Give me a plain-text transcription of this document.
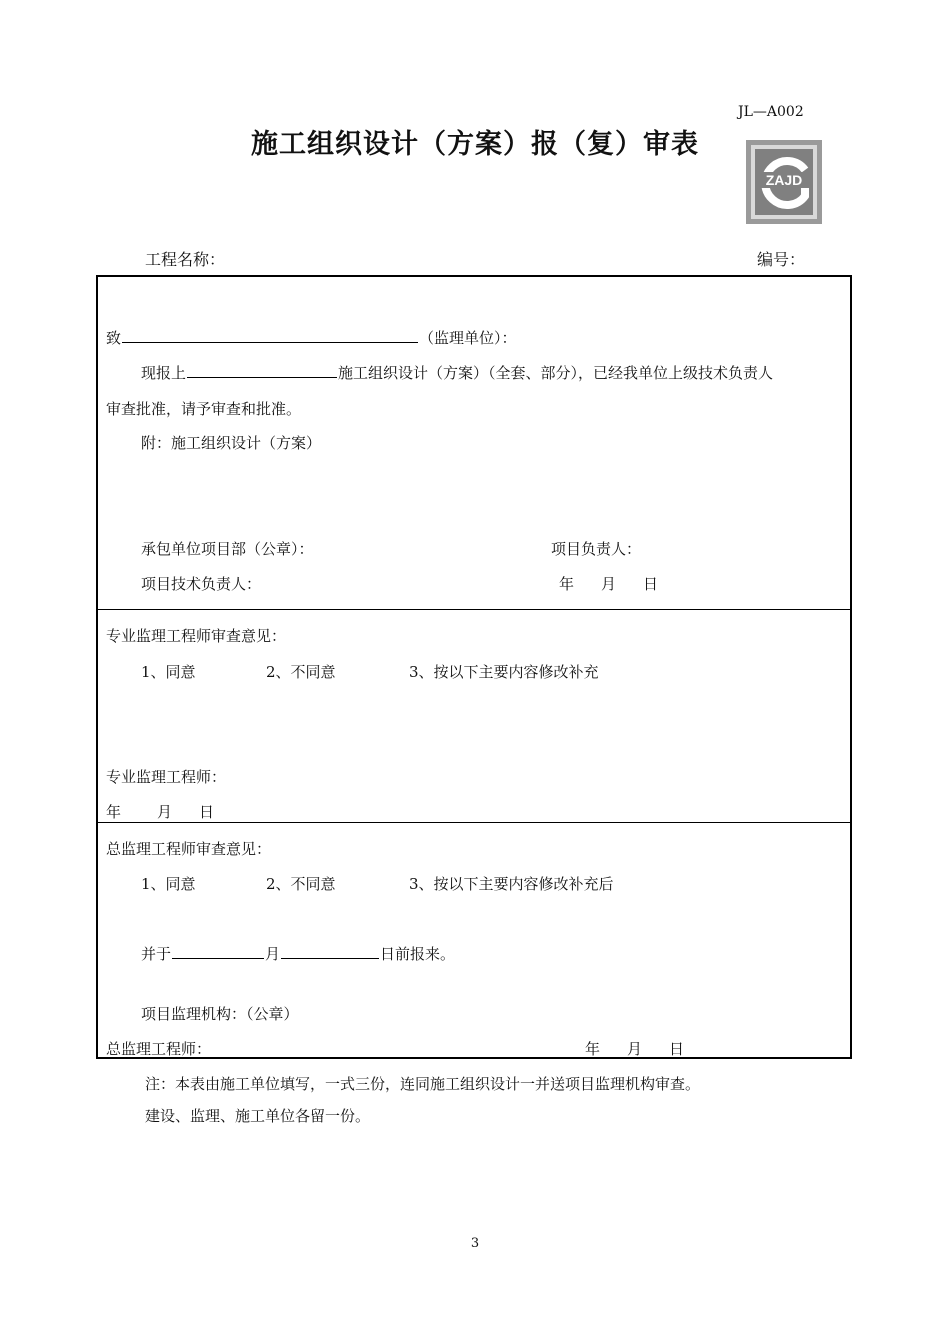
JL—A002
施工组织设计（方案）报（复）审表
ZAJD
工程名称：	编号：
致	（监理单位）：
现报上	施工组织设计（方案）（全套、部分），已经我单位上级技术负责人
审查批准，请予审查和批准。
附：施工组织设计（方案）
承包单位项目部（公章）：	项目负责人：
项目技术负责人：	年 月 日
专业监理工程师审查意见：
1、同意	2、不同意	3、按以下主要内容修改补充
专业监理工程师：
年 月 日
总监理工程师审查意见：
1、同意	2、不同意	3、按以下主要内容修改补充后
并于	月	日前报来。
项目监理机构：（公章）
总监理工程师：	年 月 日
注：本表由施工单位填写，一式三份，连同施工组织设计一并送项目监理机构审查。
建设、监理、施工单位各留一份。
3
